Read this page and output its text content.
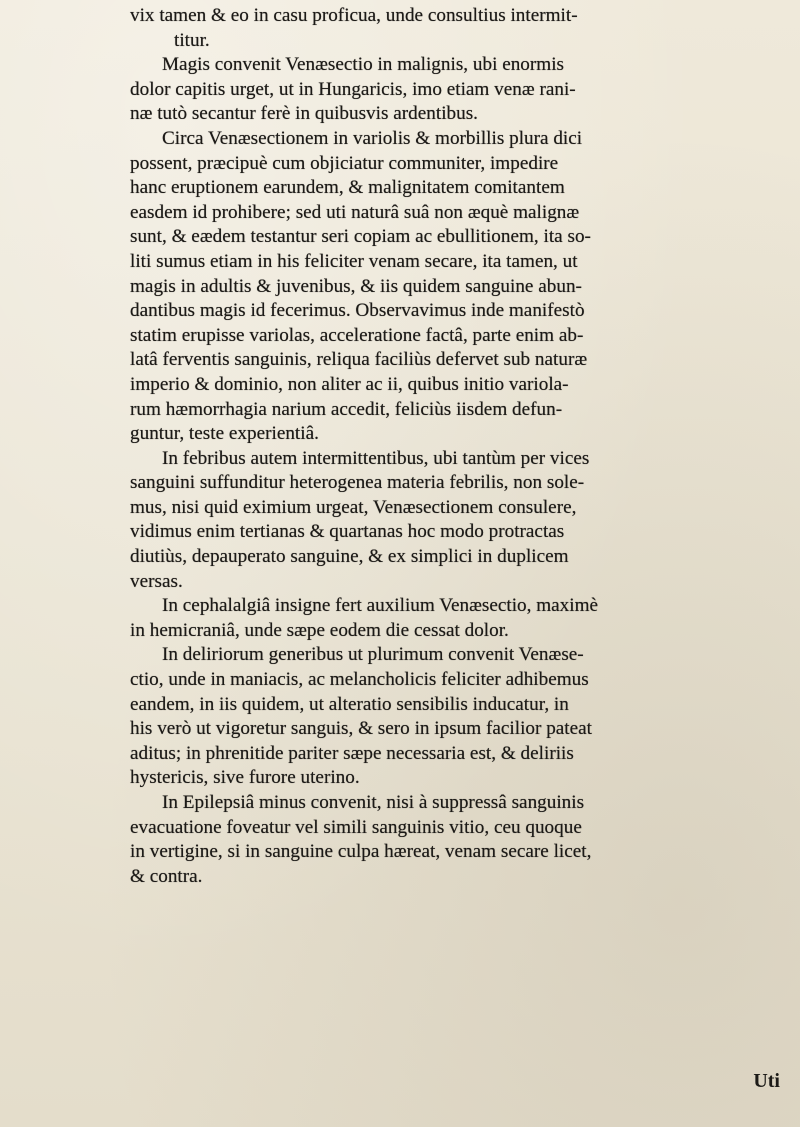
vix tamen & eo in casu proficua, unde consultius intermit-
titur.
Magis convenit Venæsectio in malignis, ubi enormis
dolor capitis urget, ut in Hungaricis, imo etiam venæ rani-
næ tutò secantur ferè in quibusvis ardentibus.
Circa Venæsectionem in variolis & morbillis plura dici
possent, præcipuè cum objiciatur communiter, impedire
hanc eruptionem earundem, & malignitatem comitantem
easdem id prohibere; sed uti naturâ suâ non æquè malignæ
sunt, & eædem testantur seri copiam ac ebullitionem, ita so-
liti sumus etiam in his feliciter venam secare, ita tamen, ut
magis in adultis & juvenibus, & iis quidem sanguine abun-
dantibus magis id fecerimus. Observavimus inde manifestò
statim erupisse variolas, acceleratione factâ, parte enim ab-
latâ ferventis sanguinis, reliqua faciliùs defervet sub naturæ
imperio & dominio, non aliter ac ii, quibus initio variola-
rum hæmorrhagia narium accedit, feliciùs iisdem defun-
guntur, teste experientiâ.
In febribus autem intermittentibus, ubi tantùm per vices
sanguini suffunditur heterogenea materia febrilis, non sole-
mus, nisi quid eximium urgeat, Venæsectionem consulere,
vidimus enim tertianas & quartanas hoc modo protractas
diutiùs, depauperato sanguine, & ex simplici in duplicem
versas.
In cephalalgiâ insigne fert auxilium Venæsectio, maximè
in hemicraniâ, unde sæpe eodem die cessat dolor.
In deliriorum generibus ut plurimum convenit Venæse-
ctio, unde in maniacis, ac melancholicis feliciter adhibemus
eandem, in iis quidem, ut alteratio sensibilis inducatur, in
his verò ut vigoretur sanguis, & sero in ipsum facilior pateat
aditus; in phrenitide pariter sæpe necessaria est, & deliriis
hystericis, sive furore uterino.
In Epilepsiâ minus convenit, nisi à suppressâ sanguinis
evacuatione foveatur vel simili sanguinis vitio, ceu quoque
in vertigine, si in sanguine culpa hæreat, venam secare licet,
& contra.
Uti
